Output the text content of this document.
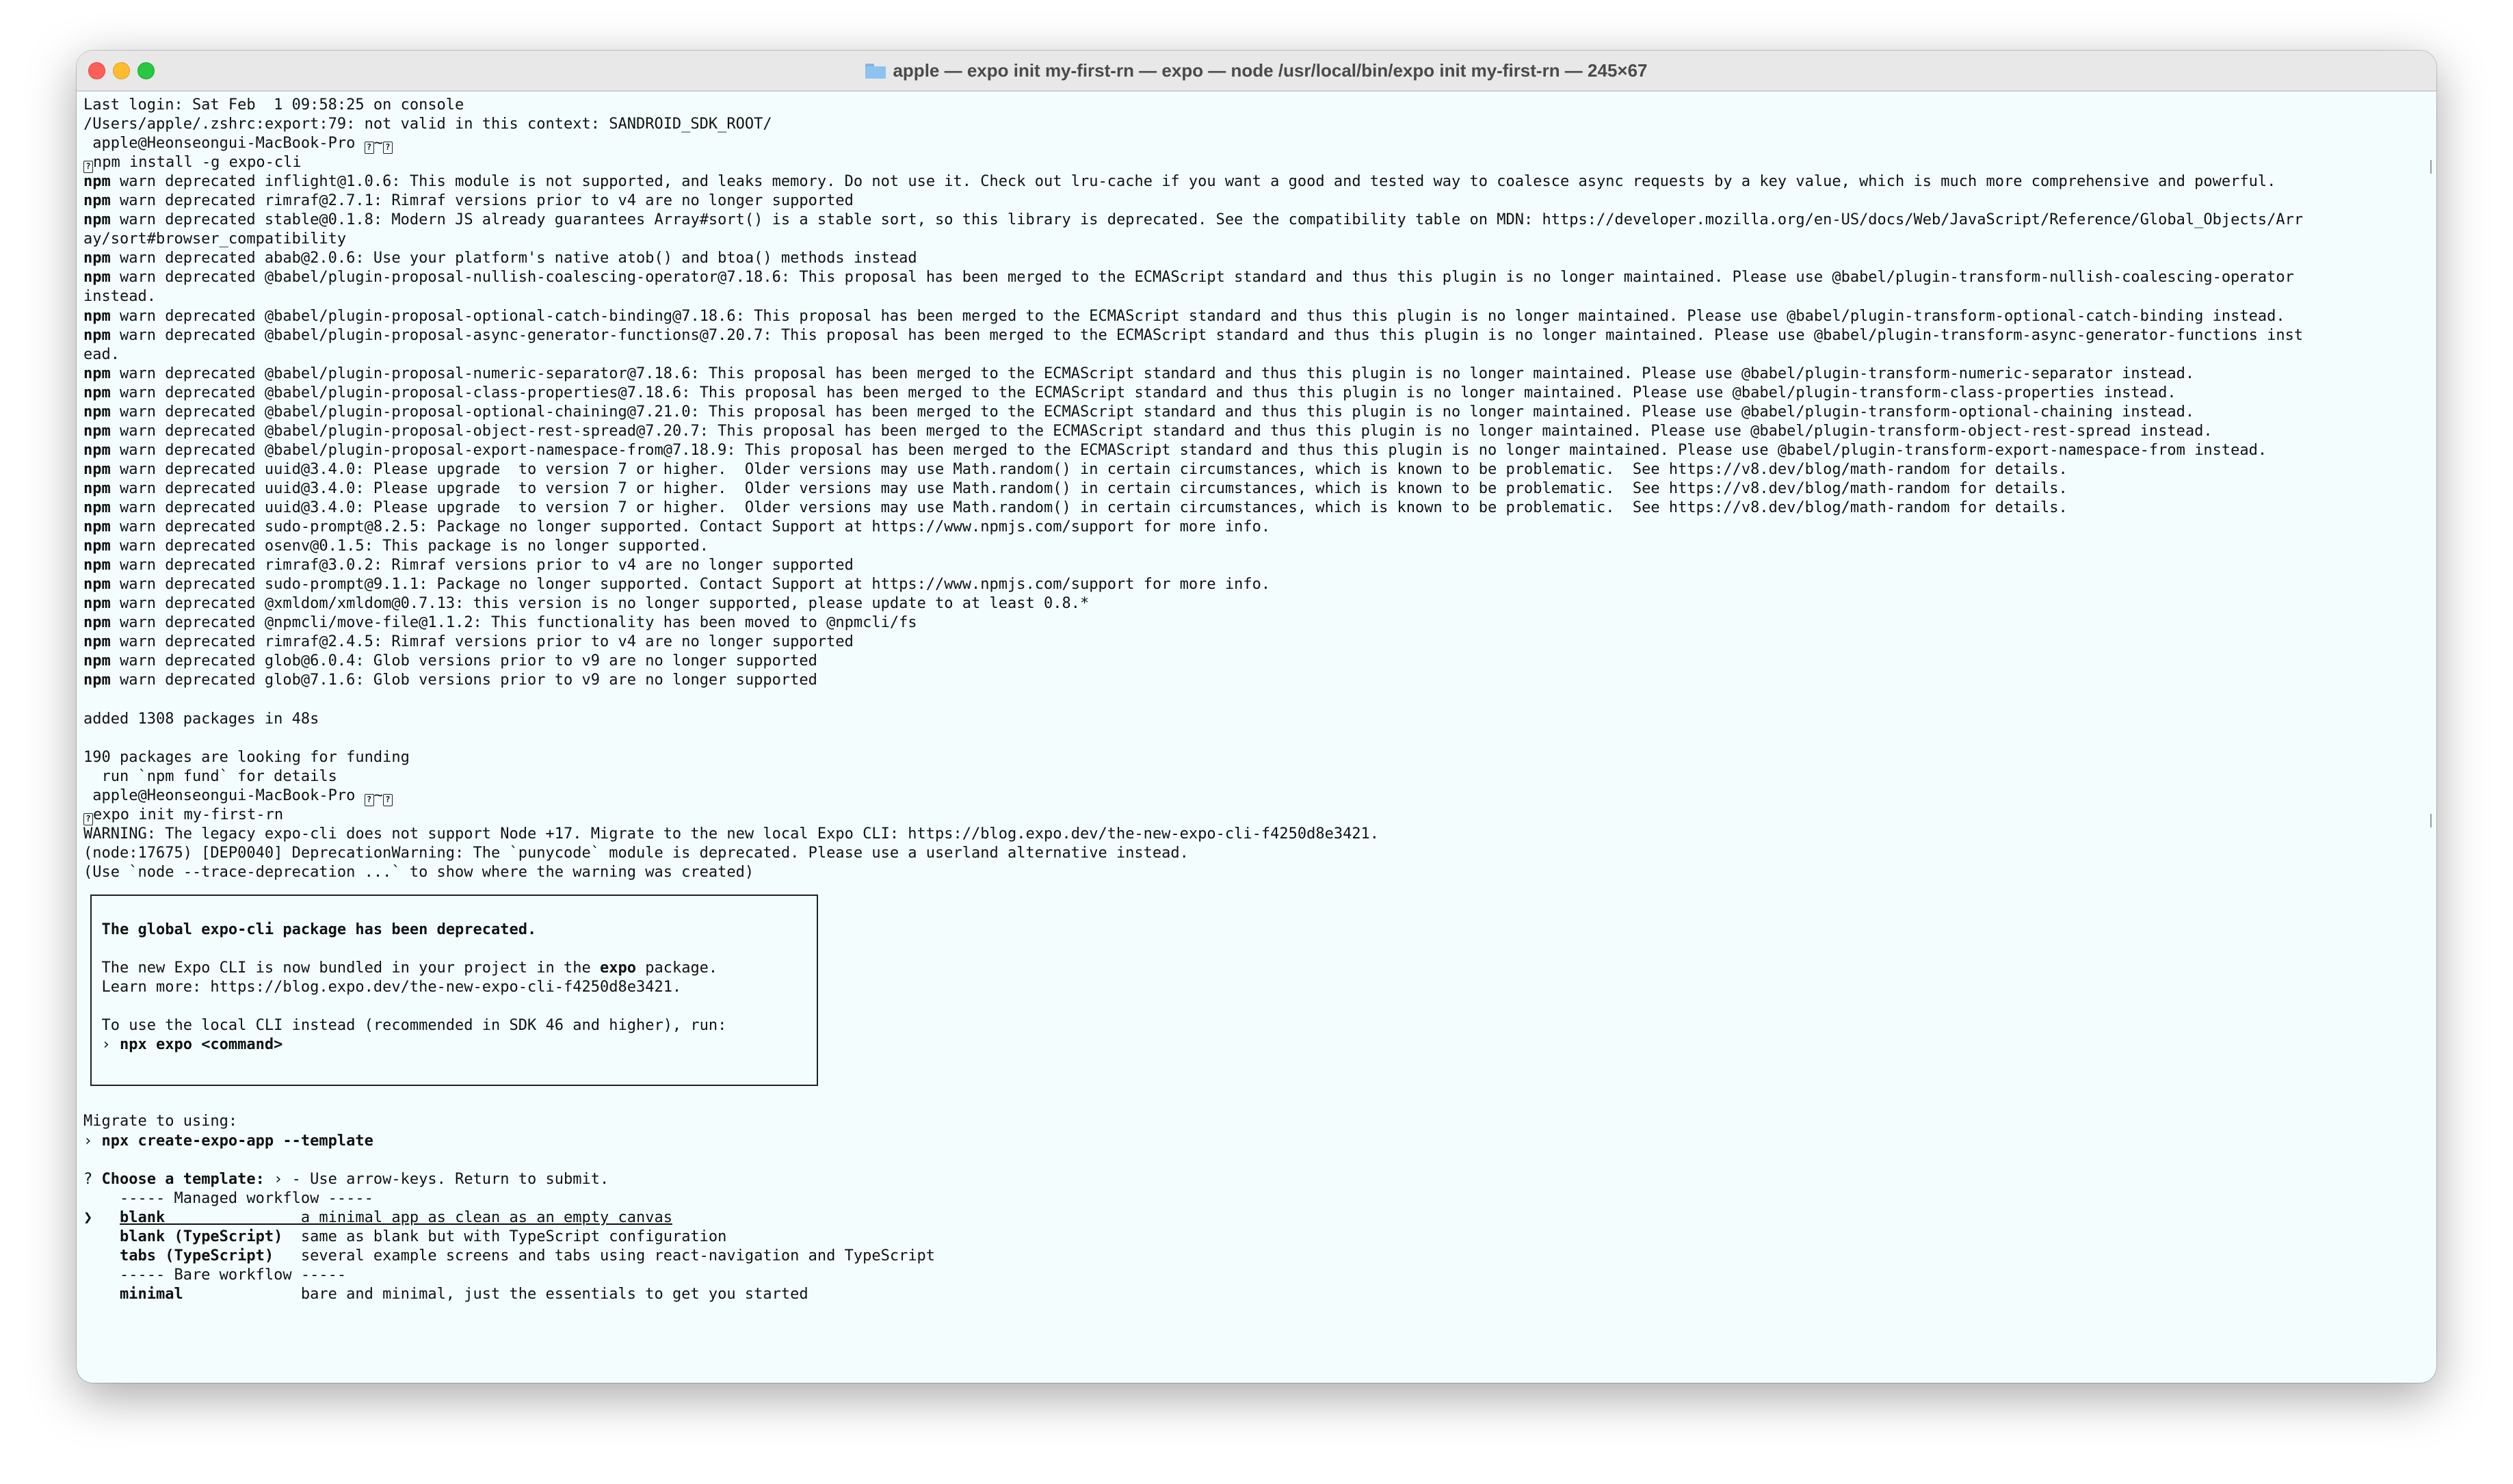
apple — expo init my-first-rn — expo — node /usr/local/bin/expo init my-first-rn — 245×67
Last login: Sat Feb  1 09:58:25 on console
/Users/apple/.zshrc:export:79: not valid in this context: SANDROID_SDK_ROOT/
apple@Heonseongui-MacBook-Pro ? ~ ?
? npm install -g expo-cli
npm warn deprecated inflight@1.0.6: This module is not supported, and leaks memory. Do not use it. Check out lru-cache if you want a good and tested way to coalesce async requests by a key value, which is much more comprehensive and powerful.
npm warn deprecated rimraf@2.7.1: Rimraf versions prior to v4 are no longer supported
npm warn deprecated stable@0.1.8: Modern JS already guarantees Array#sort() is a stable sort, so this library is deprecated. See the compatibility table on MDN: https://developer.mozilla.org/en-US/docs/Web/JavaScript/Reference/Global_Objects/Arr
ay/sort#browser_compatibility
npm warn deprecated abab@2.0.6: Use your platform's native atob() and btoa() methods instead
npm warn deprecated @babel/plugin-proposal-nullish-coalescing-operator@7.18.6: This proposal has been merged to the ECMAScript standard and thus this plugin is no longer maintained. Please use @babel/plugin-transform-nullish-coalescing-operator
instead.
npm warn deprecated @babel/plugin-proposal-optional-catch-binding@7.18.6: This proposal has been merged to the ECMAScript standard and thus this plugin is no longer maintained. Please use @babel/plugin-transform-optional-catch-binding instead.
npm warn deprecated @babel/plugin-proposal-async-generator-functions@7.20.7: This proposal has been merged to the ECMAScript standard and thus this plugin is no longer maintained. Please use @babel/plugin-transform-async-generator-functions inst
ead.
npm warn deprecated @babel/plugin-proposal-numeric-separator@7.18.6: This proposal has been merged to the ECMAScript standard and thus this plugin is no longer maintained. Please use @babel/plugin-transform-numeric-separator instead.
npm warn deprecated @babel/plugin-proposal-class-properties@7.18.6: This proposal has been merged to the ECMAScript standard and thus this plugin is no longer maintained. Please use @babel/plugin-transform-class-properties instead.
npm warn deprecated @babel/plugin-proposal-optional-chaining@7.21.0: This proposal has been merged to the ECMAScript standard and thus this plugin is no longer maintained. Please use @babel/plugin-transform-optional-chaining instead.
npm warn deprecated @babel/plugin-proposal-object-rest-spread@7.20.7: This proposal has been merged to the ECMAScript standard and thus this plugin is no longer maintained. Please use @babel/plugin-transform-object-rest-spread instead.
npm warn deprecated @babel/plugin-proposal-export-namespace-from@7.18.9: This proposal has been merged to the ECMAScript standard and thus this plugin is no longer maintained. Please use @babel/plugin-transform-export-namespace-from instead.
npm warn deprecated uuid@3.4.0: Please upgrade  to version 7 or higher.  Older versions may use Math.random() in certain circumstances, which is known to be problematic.  See https://v8.dev/blog/math-random for details.
npm warn deprecated uuid@3.4.0: Please upgrade  to version 7 or higher.  Older versions may use Math.random() in certain circumstances, which is known to be problematic.  See https://v8.dev/blog/math-random for details.
npm warn deprecated uuid@3.4.0: Please upgrade  to version 7 or higher.  Older versions may use Math.random() in certain circumstances, which is known to be problematic.  See https://v8.dev/blog/math-random for details.
npm warn deprecated sudo-prompt@8.2.5: Package no longer supported. Contact Support at https://www.npmjs.com/support for more info.
npm warn deprecated osenv@0.1.5: This package is no longer supported.
npm warn deprecated rimraf@3.0.2: Rimraf versions prior to v4 are no longer supported
npm warn deprecated sudo-prompt@9.1.1: Package no longer supported. Contact Support at https://www.npmjs.com/support for more info.
npm warn deprecated @xmldom/xmldom@0.7.13: this version is no longer supported, please update to at least 0.8.*
npm warn deprecated @npmcli/move-file@1.1.2: This functionality has been moved to @npmcli/fs
npm warn deprecated rimraf@2.4.5: Rimraf versions prior to v4 are no longer supported
npm warn deprecated glob@6.0.4: Glob versions prior to v9 are no longer supported
npm warn deprecated glob@7.1.6: Glob versions prior to v9 are no longer supported
added 1308 packages in 48s
190 packages are looking for funding
run `npm fund` for details
apple@Heonseongui-MacBook-Pro ? ~ ?
? expo init my-first-rn
WARNING: The legacy expo-cli does not support Node +17. Migrate to the new local Expo CLI: https://blog.expo.dev/the-new-expo-cli-f4250d8e3421.
(node:17675) [DEP0040] DeprecationWarning: The `punycode` module is deprecated. Please use a userland alternative instead.
(Use `node --trace-deprecation ...` to show where the warning was created)
The global expo-cli package has been deprecated.
The new Expo CLI is now bundled in your project in the expo package.
Learn more: https://blog.expo.dev/the-new-expo-cli-f4250d8e3421.
To use the local CLI instead (recommended in SDK 46 and higher), run:
› npx expo <command>
Migrate to using:
› npx create-expo-app --template
? Choose a template: › - Use arrow-keys. Return to submit.
----- Managed workflow -----
❯   blank               a minimal app as clean as an empty canvas
blank (TypeScript)  same as blank but with TypeScript configuration
tabs (TypeScript)   several example screens and tabs using react-navigation and TypeScript
----- Bare workflow -----
minimal             bare and minimal, just the essentials to get you started
